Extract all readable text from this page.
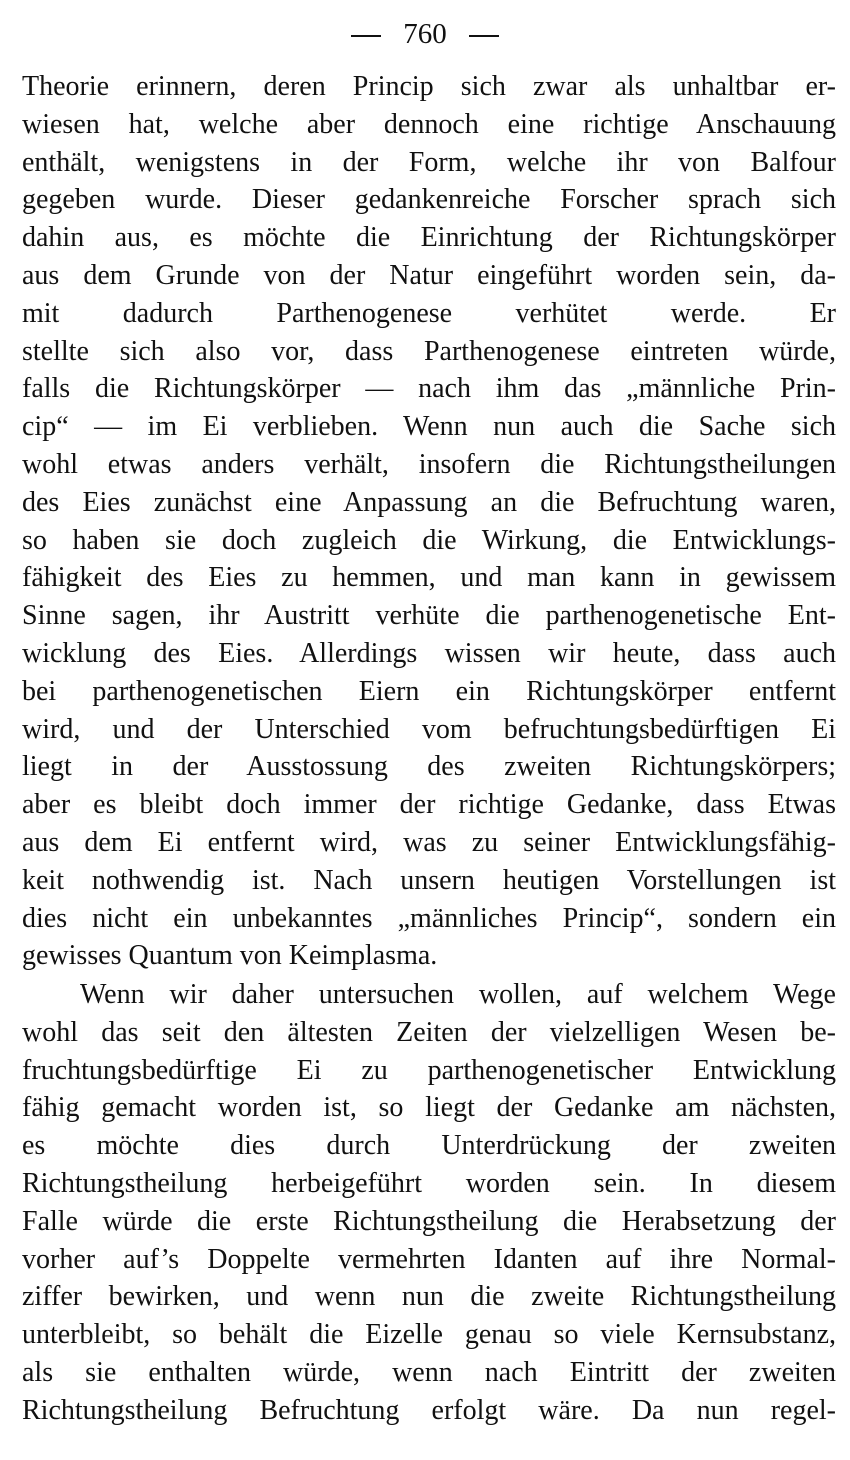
760
Theorie erinnern, deren Princip sich zwar als unhaltbar er-
wiesen hat, welche aber dennoch eine richtige Anschauung
enthält, wenigstens in der Form, welche ihr von Balfour
gegeben wurde. Dieser gedankenreiche Forscher sprach sich
dahin aus, es möchte die Einrichtung der Richtungskörper
aus dem Grunde von der Natur eingeführt worden sein, da-
mit dadurch Parthenogenese verhütet werde. Er
stellte sich also vor, dass Parthenogenese eintreten würde,
falls die Richtungskörper — nach ihm das „männliche Prin-
cip“ — im Ei verblieben. Wenn nun auch die Sache sich
wohl etwas anders verhält, insofern die Richtungstheilungen
des Eies zunächst eine Anpassung an die Befruchtung waren,
so haben sie doch zugleich die Wirkung, die Entwicklungs-
fähigkeit des Eies zu hemmen, und man kann in gewissem
Sinne sagen, ihr Austritt verhüte die parthenogenetische Ent-
wicklung des Eies. Allerdings wissen wir heute, dass auch
bei parthenogenetischen Eiern ein Richtungskörper entfernt
wird, und der Unterschied vom befruchtungsbedürftigen Ei
liegt in der Ausstossung des zweiten Richtungskörpers;
aber es bleibt doch immer der richtige Gedanke, dass Etwas
aus dem Ei entfernt wird, was zu seiner Entwicklungsfähig-
keit nothwendig ist. Nach unsern heutigen Vorstellungen ist
dies nicht ein unbekanntes „männliches Princip“, sondern ein
gewisses Quantum von Keimplasma.
Wenn wir daher untersuchen wollen, auf welchem Wege
wohl das seit den ältesten Zeiten der vielzelligen Wesen be-
fruchtungsbedürftige Ei zu parthenogenetischer Entwicklung
fähig gemacht worden ist, so liegt der Gedanke am nächsten,
es möchte dies durch Unterdrückung der zweiten
Richtungstheilung herbeigeführt worden sein. In diesem
Falle würde die erste Richtungstheilung die Herabsetzung der
vorher auf’s Doppelte vermehrten Idanten auf ihre Normal-
ziffer bewirken, und wenn nun die zweite Richtungstheilung
unterbleibt, so behält die Eizelle genau so viele Kernsubstanz,
als sie enthalten würde, wenn nach Eintritt der zweiten
Richtungstheilung Befruchtung erfolgt wäre. Da nun regel-
